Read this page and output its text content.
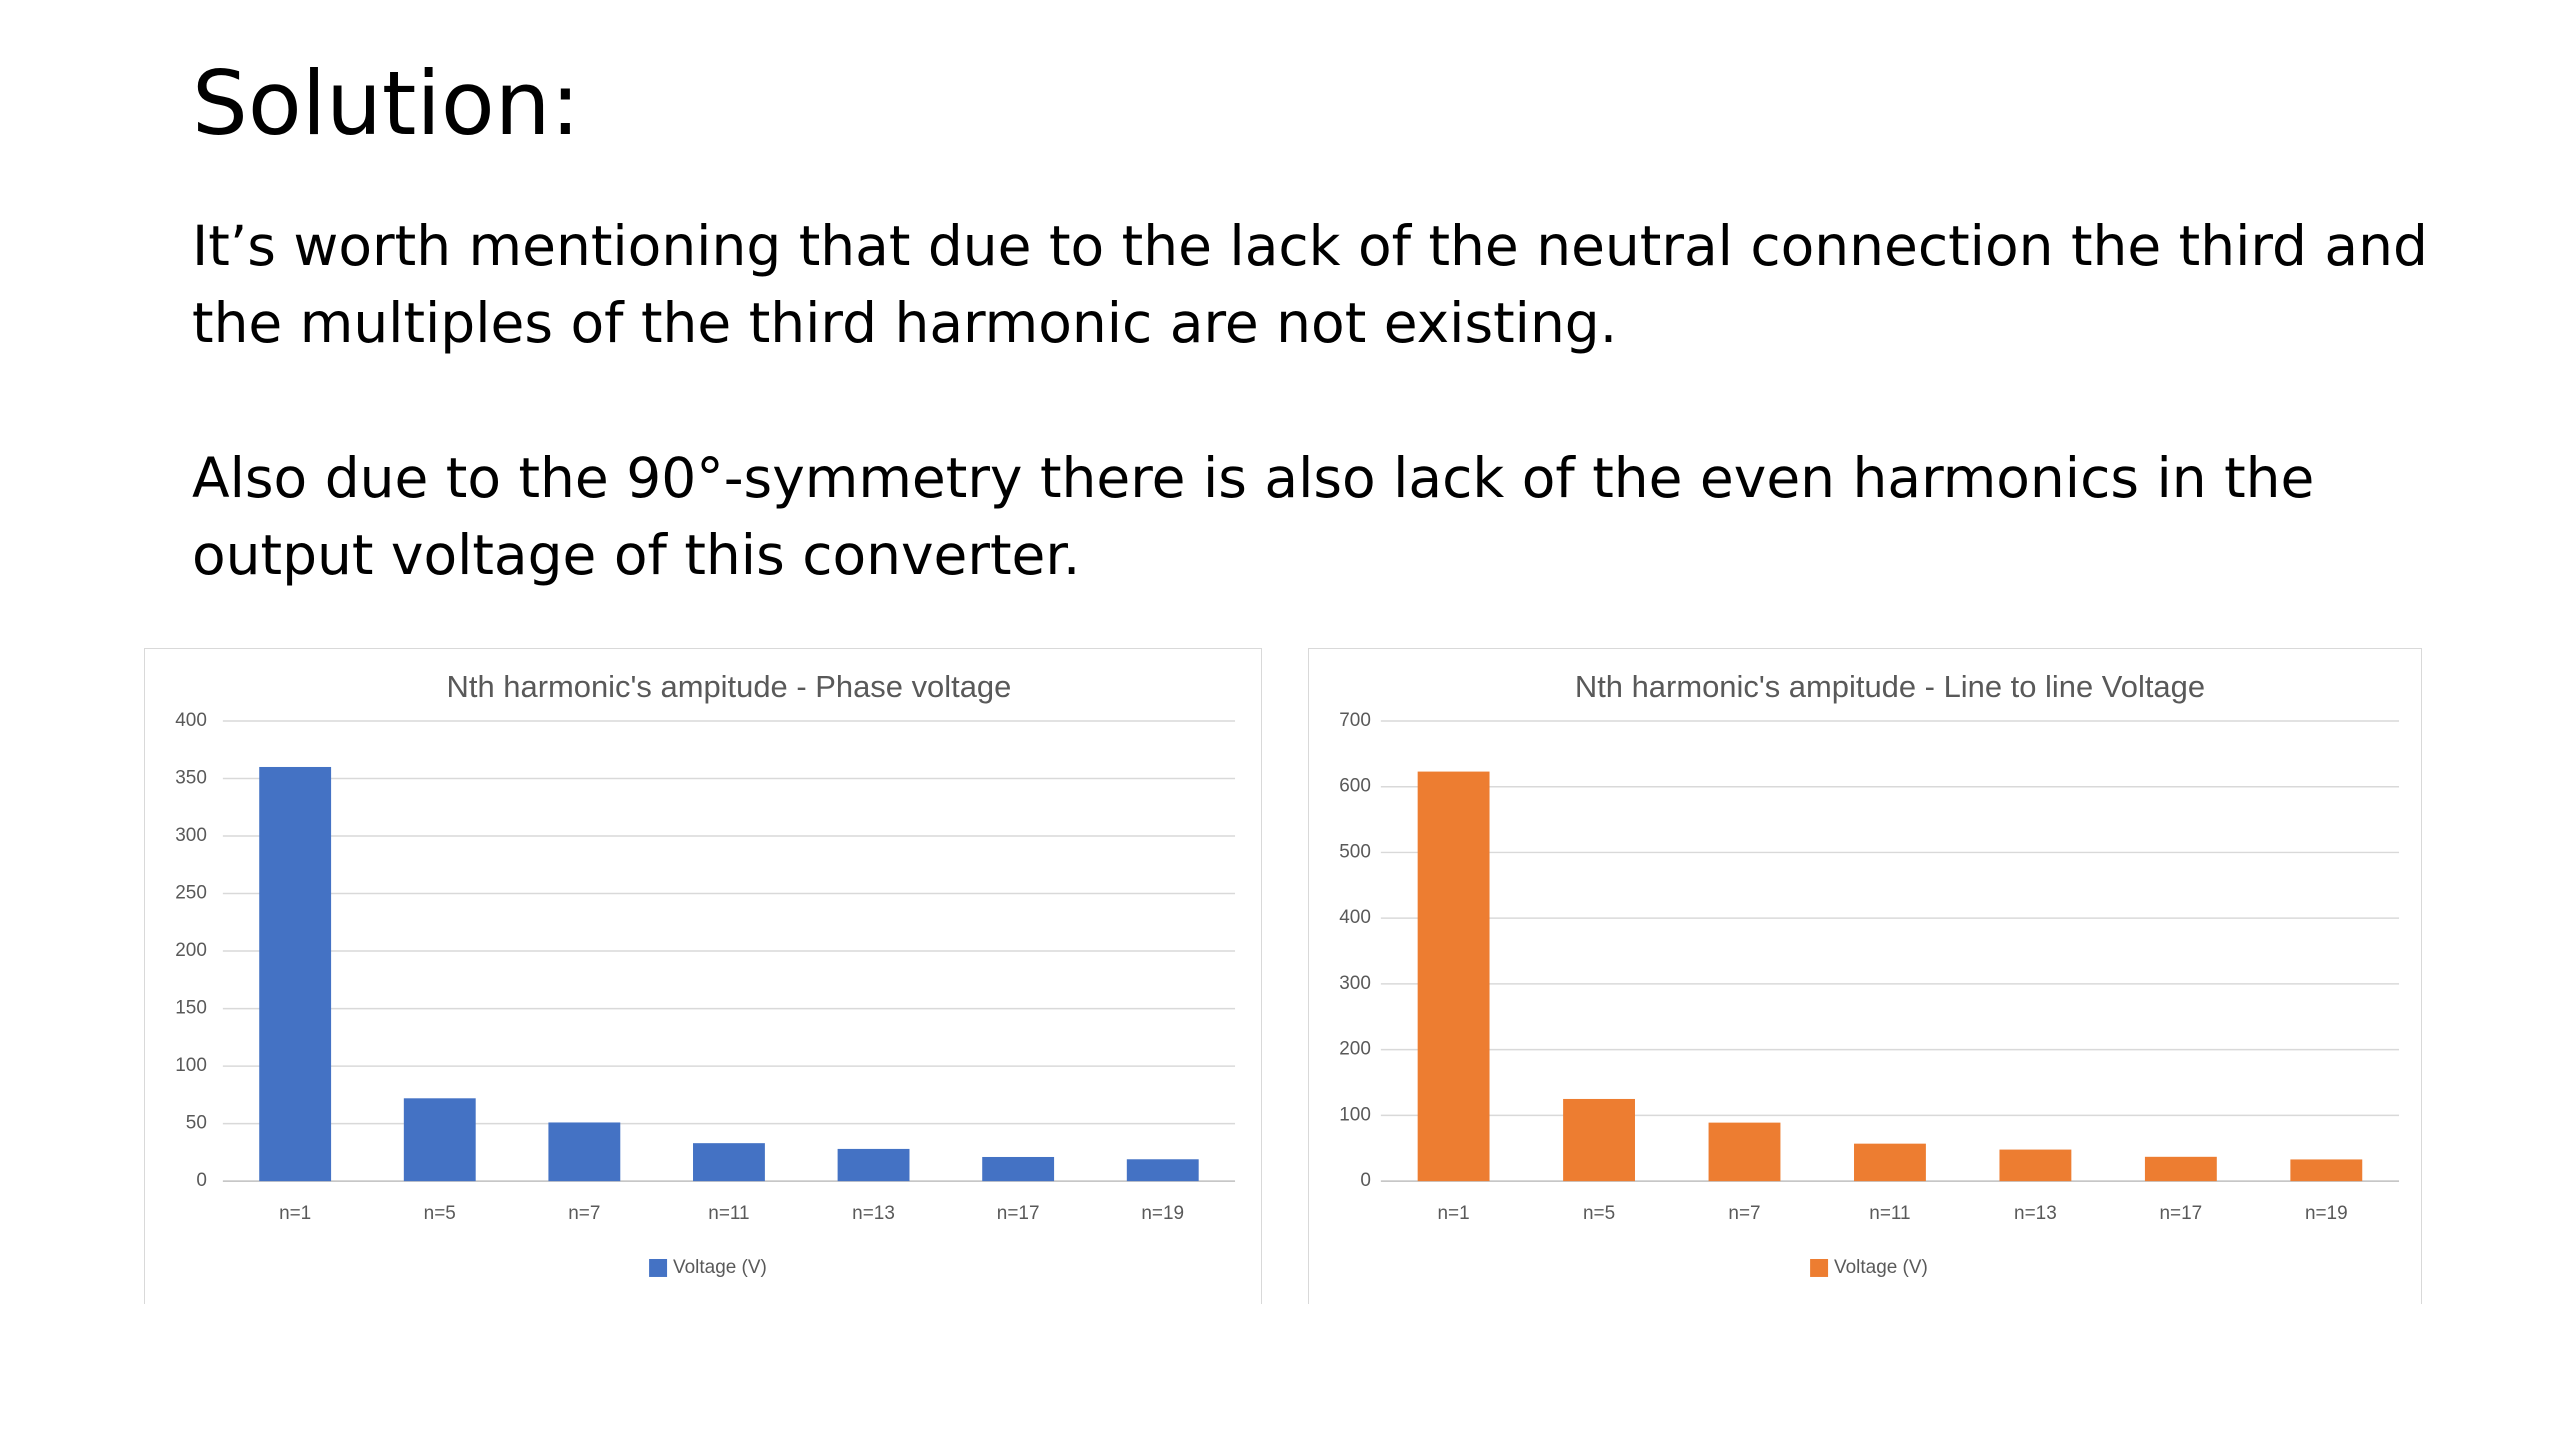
Solution:

It’s worth mentioning that due to the lack of the neutral connection the third and the multiples of the third harmonic are not existing.

Also due to the 90°-symmetry there is also lack of the even harmonics in the output voltage of this converter.

Nth harmonic's ampitude - Phase voltage
0
50
100
150
200
250
300
350
400
n=1	n=5	n=7	n=11	n=13	n=17	n=19
Voltage (V)
Nth harmonic's ampitude - Line to line Voltage
0
100
200
300
400
500
600
700
n=1	n=5	n=7	n=11	n=13	n=17	n=19
Voltage (V)
